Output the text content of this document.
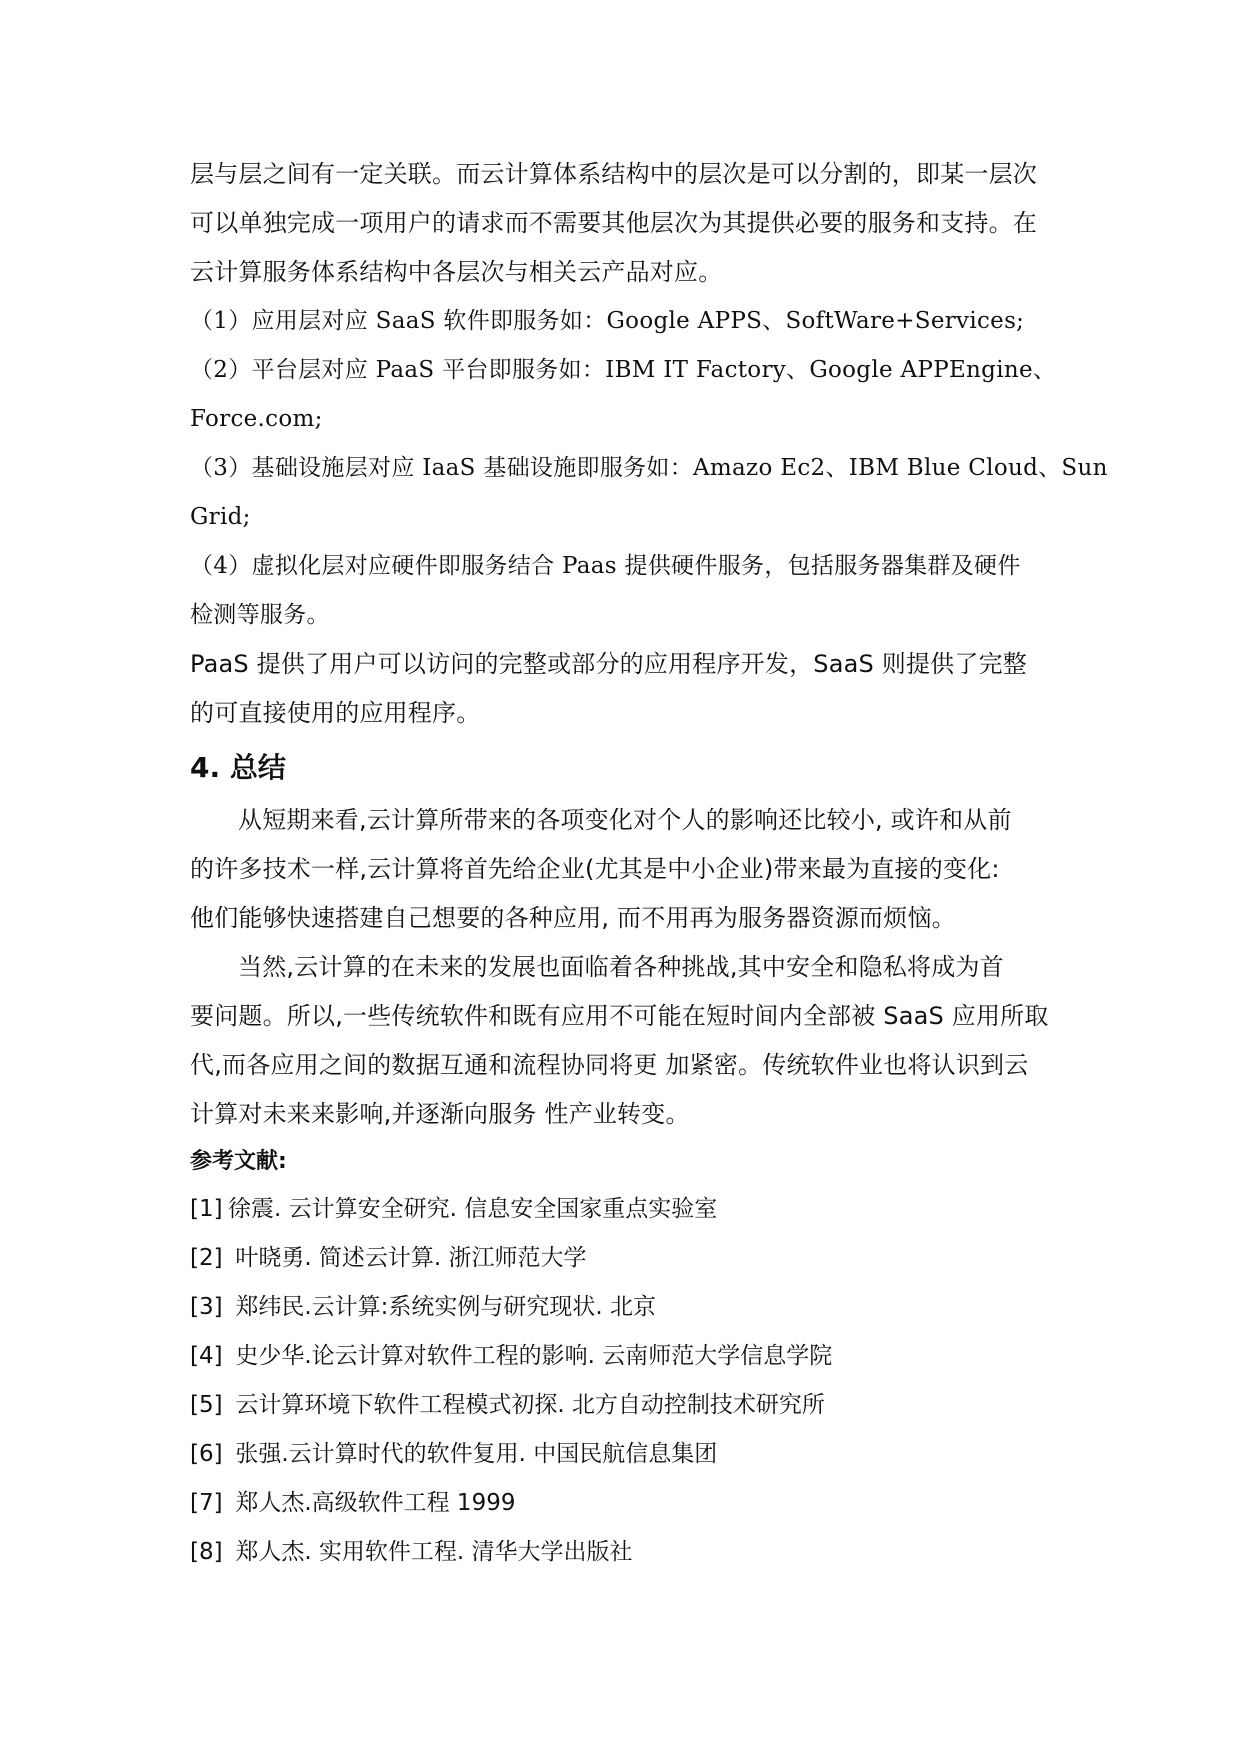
层与层之间有一定关联。而云计算体系结构中的层次是可以分割的，即某一层次
可以单独完成一项用户的请求而不需要其他层次为其提供必要的服务和支持。在
云计算服务体系结构中各层次与相关云产品对应。
（1）应用层对应 SaaS 软件即服务如：Google APPS、SoftWare+Services;
（2）平台层对应 PaaS 平台即服务如：IBM IT Factory、Google APPEngine、
Force.com;
（3）基础设施层对应 IaaS 基础设施即服务如：Amazo Ec2、IBM Blue Cloud、Sun
Grid;
（4）虚拟化层对应硬件即服务结合 Paas 提供硬件服务，包括服务器集群及硬件
检测等服务。
PaaS 提供了用户可以访问的完整或部分的应用程序开发，SaaS 则提供了完整
的可直接使用的应用程序。
4. 总结
从短期来看,云计算所带来的各项变化对个人的影响还比较小, 或许和从前
的许多技术一样,云计算将首先给企业(尤其是中小企业)带来最为直接的变化:
他们能够快速搭建自己想要的各种应用, 而不用再为服务器资源而烦恼。
当然,云计算的在未来的发展也面临着各种挑战,其中安全和隐私将成为首
要问题。所以,一些传统软件和既有应用不可能在短时间内全部被 SaaS 应用所取
代,而各应用之间的数据互通和流程协同将更 加紧密。传统软件业也将认识到云
计算对未来来影响,并逐渐向服务 性产业转变。
参考文献:
[1] 徐震. 云计算安全研究. 信息安全国家重点实验室
[2] 叶晓勇. 简述云计算. 浙江师范大学
[3] 郑纬民.云计算:系统实例与研究现状. 北京
[4] 史少华.论云计算对软件工程的影响. 云南师范大学信息学院
[5] 云计算环境下软件工程模式初探. 北方自动控制技术研究所
[6] 张强.云计算时代的软件复用. 中国民航信息集团
[7] 郑人杰.高级软件工程 1999
[8] 郑人杰. 实用软件工程. 清华大学出版社
